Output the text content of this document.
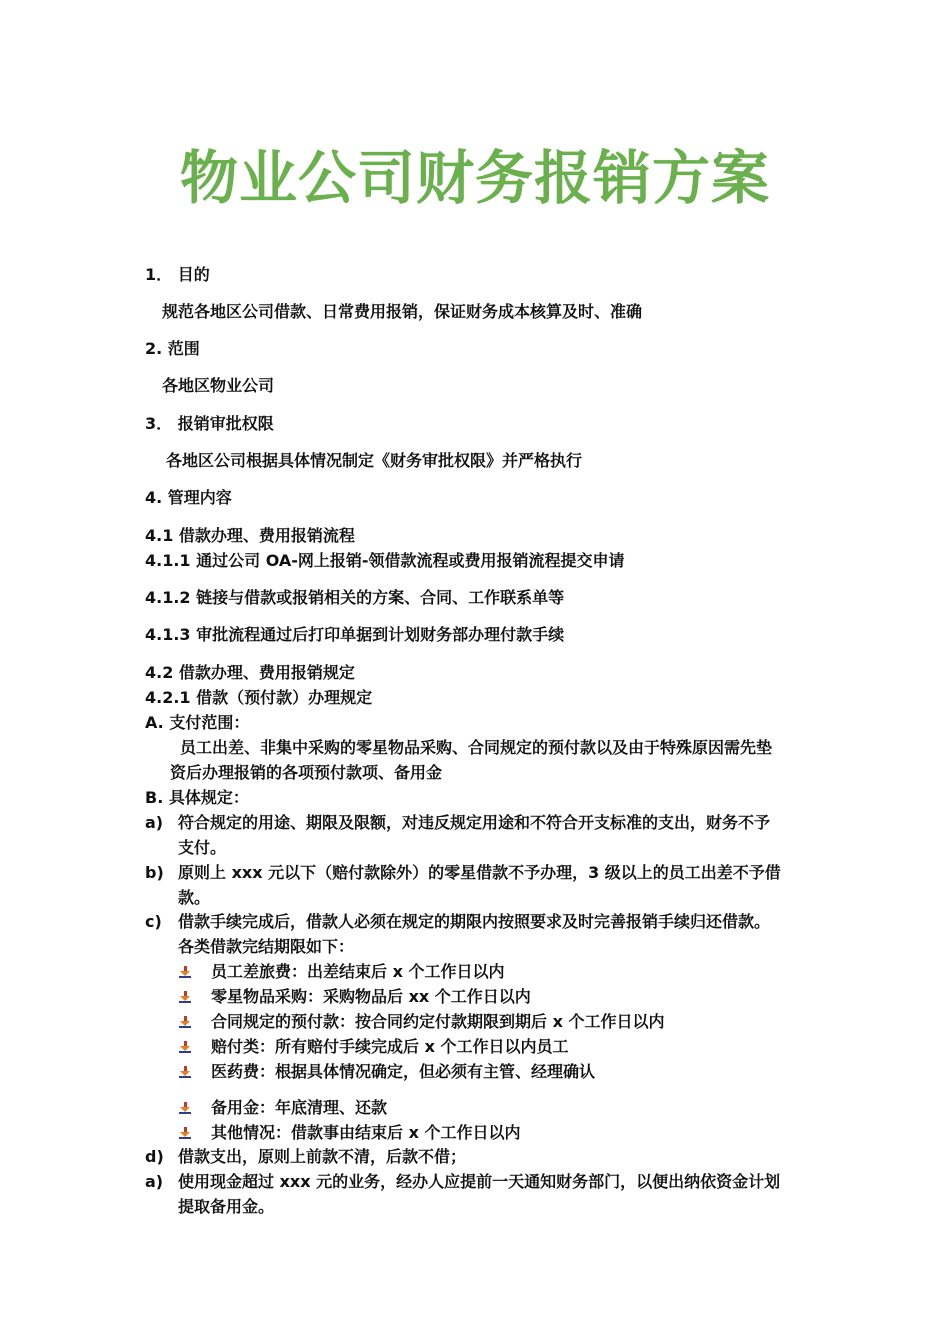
物业公司财务报销方案
1． 目的
规范各地区公司借款、日常费用报销，保证财务成本核算及时、准确
2. 范围
各地区物业公司
3． 报销审批权限
各地区公司根据具体情况制定《财务审批权限》并严格执行
4. 管理内容
4.1 借款办理、费用报销流程
4.1.1 通过公司 OA-网上报销-领借款流程或费用报销流程提交申请
4.1.2 链接与借款或报销相关的方案、合同、工作联系单等
4.1.3 审批流程通过后打印单据到计划财务部办理付款手续
4.2 借款办理、费用报销规定
4.2.1 借款（预付款）办理规定
A. 支付范围：
员工出差、非集中采购的零星物品采购、合同规定的预付款以及由于特殊原因需先垫
资后办理报销的各项预付款项、备用金
B. 具体规定：
a) 符合规定的用途、期限及限额，对违反规定用途和不符合开支标准的支出，财务不予
支付。
b) 原则上 xxx 元以下（赔付款除外）的零星借款不予办理，3 级以上的员工出差不予借
款。
c) 借款手续完成后，借款人必须在规定的期限内按照要求及时完善报销手续归还借款。
各类借款完结期限如下：
员工差旅费：出差结束后 x 个工作日以内
零星物品采购：采购物品后 xx 个工作日以内
合同规定的预付款：按合同约定付款期限到期后 x 个工作日以内
赔付类：所有赔付手续完成后 x 个工作日以内员工
医药费：根据具体情况确定，但必须有主管、经理确认
备用金：年底清理、还款
其他情况：借款事由结束后 x 个工作日以内
d) 借款支出，原则上前款不清，后款不借；
a) 使用现金超过 xxx 元的业务，经办人应提前一天通知财务部门，以便出纳依资金计划
提取备用金。
